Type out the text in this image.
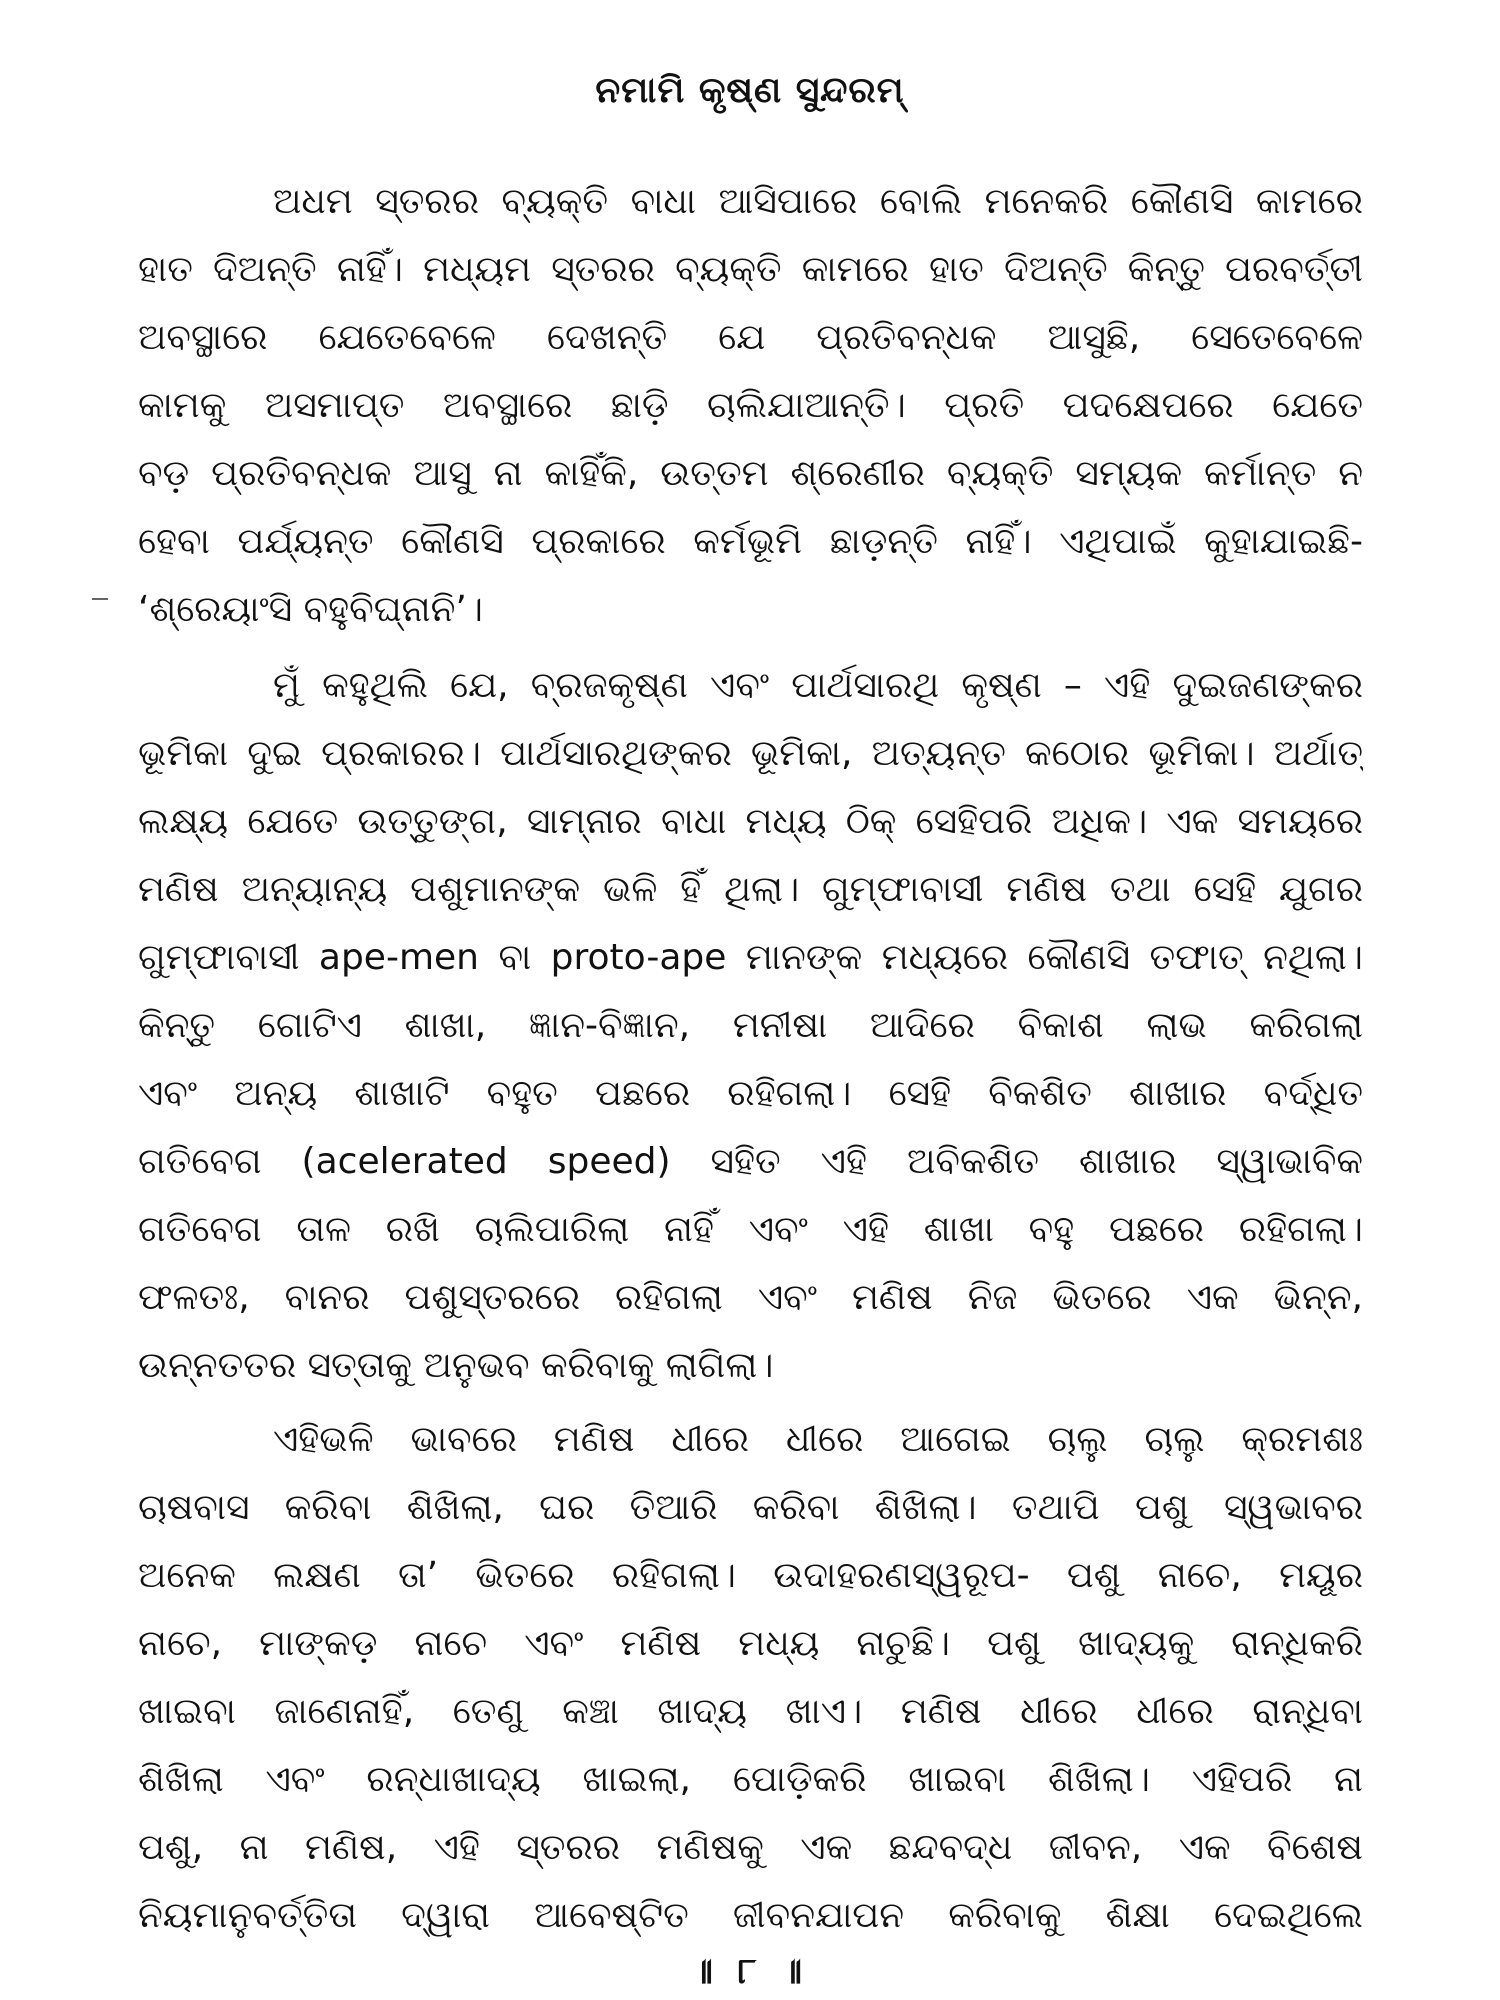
ନମାମି କୃଷ୍ଣ ସୁନ୍ଦରମ୍
ଅଧମ ସ୍ତରର ବ୍ୟକ୍ତି ବାଧା ଆସିପାରେ ବୋଲି ମନେକରି କୌଣସି କାମରେ
ହାତ ଦିଅନ୍ତି ନାହିଁ। ମଧ୍ୟମ ସ୍ତରର ବ୍ୟକ୍ତି କାମରେ ହାତ ଦିଅନ୍ତି କିନ୍ତୁ ପରବର୍ତ୍ତୀ
ଅବସ୍ଥାରେ ଯେତେବେଳେ ଦେଖନ୍ତି ଯେ ପ୍ରତିବନ୍ଧକ ଆସୁଛି, ସେତେବେଳେ
କାମକୁ ଅସମାପ୍ତ ଅବସ୍ଥାରେ ଛାଡ଼ି ଚାଲିଯାଆନ୍ତି। ପ୍ରତି ପଦକ୍ଷେପରେ ଯେତେ
ବଡ଼ ପ୍ରତିବନ୍ଧକ ଆସୁ ନା କାହିଁକି, ଉତ୍ତମ ଶ୍ରେଣୀର ବ୍ୟକ୍ତି ସମ୍ୟକ କର୍ମାନ୍ତ ନ
ହେବା ପର୍ଯ୍ୟନ୍ତ କୌଣସି ପ୍ରକାରେ କର୍ମଭୂମି ଛାଡ଼ନ୍ତି ନାହିଁ। ଏଥିପାଇଁ କୁହାଯାଇଛି-
‘ଶ୍ରେୟାଂସି ବହୁବିଘ୍ନାନି’।
ମୁଁ କହୁଥିଲି ଯେ, ବ୍ରଜକୃଷ୍ଣ ଏବଂ ପାର୍ଥସାରଥି କୃଷ୍ଣ – ଏହି ଦୁଇଜଣଙ୍କର
ଭୂମିକା ଦୁଇ ପ୍ରକାରର। ପାର୍ଥସାରଥିଙ୍କର ଭୂମିକା, ଅତ୍ୟନ୍ତ କଠୋର ଭୂମିକା। ଅର୍ଥାତ୍
ଲକ୍ଷ୍ୟ ଯେତେ ଉତ୍ତୁଙ୍ଗ, ସାମ୍ନାର ବାଧା ମଧ୍ୟ ଠିକ୍ ସେହିପରି ଅଧିକ। ଏକ ସମୟରେ
ମଣିଷ ଅନ୍ୟାନ୍ୟ ପଶୁମାନଙ୍କ ଭଳି ହିଁ ଥିଲା। ଗୁମ୍ଫାବାସୀ ମଣିଷ ତଥା ସେହି ଯୁଗର
ଗୁମ୍ଫାବାସୀ ape-men ବା proto-ape ମାନଙ୍କ ମଧ୍ୟରେ କୌଣସି ତଫାତ୍ ନଥିଲା।
କିନ୍ତୁ ଗୋଟିଏ ଶାଖା, ଜ୍ଞାନ-ବିଜ୍ଞାନ, ମନୀଷା ଆଦିରେ ବିକାଶ ଲାଭ କରିଗଲା
ଏବଂ ଅନ୍ୟ ଶାଖାଟି ବହୁତ ପଛରେ ରହିଗଲା। ସେହି ବିକଶିତ ଶାଖାର ବର୍ଦ୍ଧିତ
ଗତିବେଗ (acelerated speed) ସହିତ ଏହି ଅବିକଶିତ ଶାଖାର ସ୍ୱାଭାବିକ
ଗତିବେଗ ତାଳ ରଖି ଚାଲିପାରିଲା ନାହିଁ ଏବଂ ଏହି ଶାଖା ବହୁ ପଛରେ ରହିଗଲା।
ଫଳତଃ, ବାନର ପଶୁସ୍ତରରେ ରହିଗଲା ଏବଂ ମଣିଷ ନିଜ ଭିତରେ ଏକ ଭିନ୍ନ,
ଉନ୍ନତତର ସତ୍ତାକୁ ଅନୁଭବ କରିବାକୁ ଲାଗିଲା।
ଏହିଭଳି ଭାବରେ ମଣିଷ ଧୀରେ ଧୀରେ ଆଗେଇ ଚାଲୁ ଚାଲୁ କ୍ରମଶଃ
ଚାଷବାସ କରିବା ଶିଖିଲା, ଘର ତିଆରି କରିବା ଶିଖିଲା। ତଥାପି ପଶୁ ସ୍ୱଭାବର
ଅନେକ ଲକ୍ଷଣ ତା’ ଭିତରେ ରହିଗଲା। ଉଦାହରଣସ୍ୱରୂପ- ପଶୁ ନାଚେ, ମୟୂର
ନାଚେ, ମାଙ୍କଡ଼ ନାଚେ ଏବଂ ମଣିଷ ମଧ୍ୟ ନାଚୁଛି। ପଶୁ ଖାଦ୍ୟକୁ ରାନ୍ଧିକରି
ଖାଇବା ଜାଣେନାହିଁ, ତେଣୁ କଞ୍ଚା ଖାଦ୍ୟ ଖାଏ। ମଣିଷ ଧୀରେ ଧୀରେ ରାନ୍ଧିବା
ଶିଖିଲା ଏବଂ ରନ୍ଧାଖାଦ୍ୟ ଖାଇଲା, ପୋଡ଼ିକରି ଖାଇବା ଶିଖିଲା। ଏହିପରି ନା
ପଶୁ, ନା ମଣିଷ, ଏହି ସ୍ତରର ମଣିଷକୁ ଏକ ଛନ୍ଦବଦ୍ଧ ଜୀବନ, ଏକ ବିଶେଷ
ନିୟମାନୁବର୍ତ୍ତିତା ଦ୍ୱାରା ଆବେଷ୍ଟିତ ଜୀବନଯାପନ କରିବାକୁ ଶିକ୍ଷା ଦେଇଥିଲେ
॥ ୮ ॥
